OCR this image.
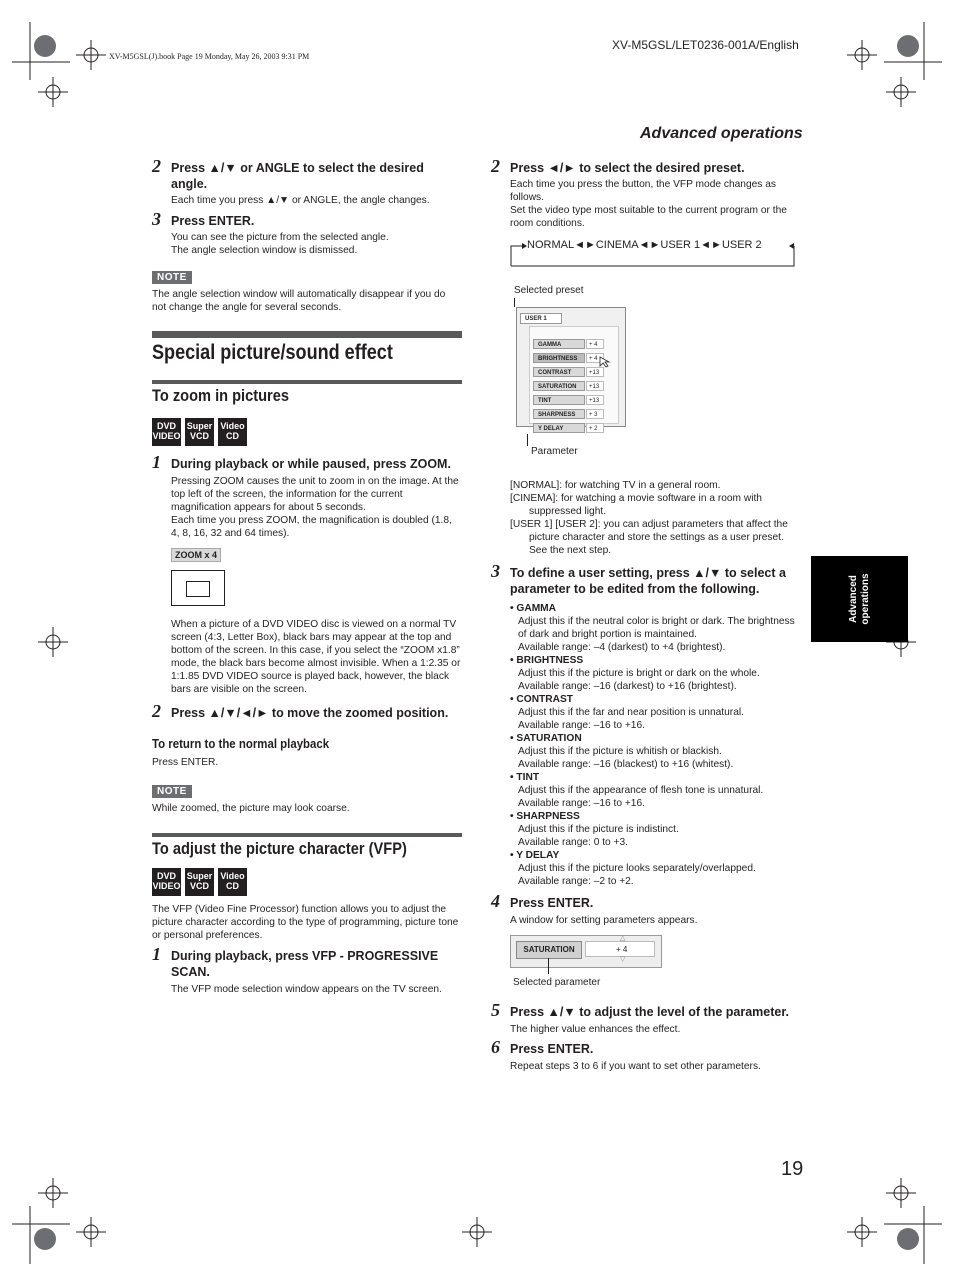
XV-M5GSL(J).book Page 19 Monday, May 26, 2003 9:31 PM
XV-M5GSL/LET0236-001A/English
Advanced operations
Advanced operations
2 Press ▲/▼ or ANGLE to select the desired angle.

Each time you press ▲/▼ or ANGLE, the angle changes.

3 Press ENTER.

You can see the picture from the selected angle.

The angle selection window is dismissed.

NOTE

The angle selection window will automatically disappear if you do not change the angle for several seconds.

Special picture/sound effect
To zoom in pictures
DVD
VIDEO
Super
VCD
Video
CD
1 During playback or while paused, press ZOOM.

Pressing ZOOM causes the unit to zoom in on the image. At the top left of the screen, the information for the current magnification appears for about 5 seconds.

Each time you press ZOOM, the magnification is doubled (1.8, 4, 8, 16, 32 and 64 times).

ZOOM x 4

When a picture of a DVD VIDEO disc is viewed on a normal TV screen (4:3, Letter Box), black bars may appear at the top and bottom of the screen. In this case, if you select the “ZOOM x1.8” mode, the black bars become almost invisible. When a 1:2.35 or 1:1.85 DVD VIDEO source is played back, however, the black bars are visible on the screen.

2 Press ▲/▼/◄/► to move the zoomed position.
To return to the normal playback

Press ENTER.

NOTE

While zoomed, the picture may look coarse.

To adjust the picture character (VFP)
DVD
VIDEO
Super
VCD
Video
CD

The VFP (Video Fine Processor) function allows you to adjust the picture character according to the type of programming, picture tone or personal preferences.

1 During playback, press VFP - PROGRESSIVE SCAN.

The VFP mode selection window appears on the TV screen.

2 Press ◄/► to select the desired preset.

Each time you press the button, the VFP mode changes as follows.

Set the video type most suitable to the current program or the room conditions.

NORMAL◄►CINEMA◄►USER 1◄►USER 2
Selected preset
USER 1
GAMMA	+ 4
BRIGHTNESS	+ 4
CONTRAST	+13
SATURATION	+13
TINT	+13
SHARPNESS	+ 3
Y DELAY	+ 2
Parameter
[NORMAL]: for watching TV in a general room.
[CINEMA]: for watching a movie software in a room with suppressed light.
[USER 1] [USER 2]: you can adjust parameters that affect the picture character and store the settings as a user preset. See the next step.
3 To define a user setting, press ▲/▼ to select a parameter to be edited from the following.
• GAMMA
Adjust this if the neutral color is bright or dark. The brightness of dark and bright portion is maintained.
Available range: –4 (darkest) to +4 (brightest).
• BRIGHTNESS
Adjust this if the picture is bright or dark on the whole.
Available range: –16 (darkest) to +16 (brightest).
• CONTRAST
Adjust this if the far and near position is unnatural.
Available range: –16 to +16.
• SATURATION
Adjust this if the picture is whitish or blackish.
Available range: –16 (blackest) to +16 (whitest).
• TINT
Adjust this if the appearance of flesh tone is unnatural.
Available range: –16 to +16.
• SHARPNESS
Adjust this if the picture is indistinct.
Available range: 0 to +3.
• Y DELAY
Adjust this if the picture looks separately/overlapped.
Available range: –2 to +2.
4 Press ENTER.

A window for setting parameters appears.

SATURATION	+ 4
△
▽
Selected parameter
5 Press ▲/▼ to adjust the level of the parameter.

The higher value enhances the effect.

6 Press ENTER.

Repeat steps 3 to 6 if you want to set other parameters.

19
